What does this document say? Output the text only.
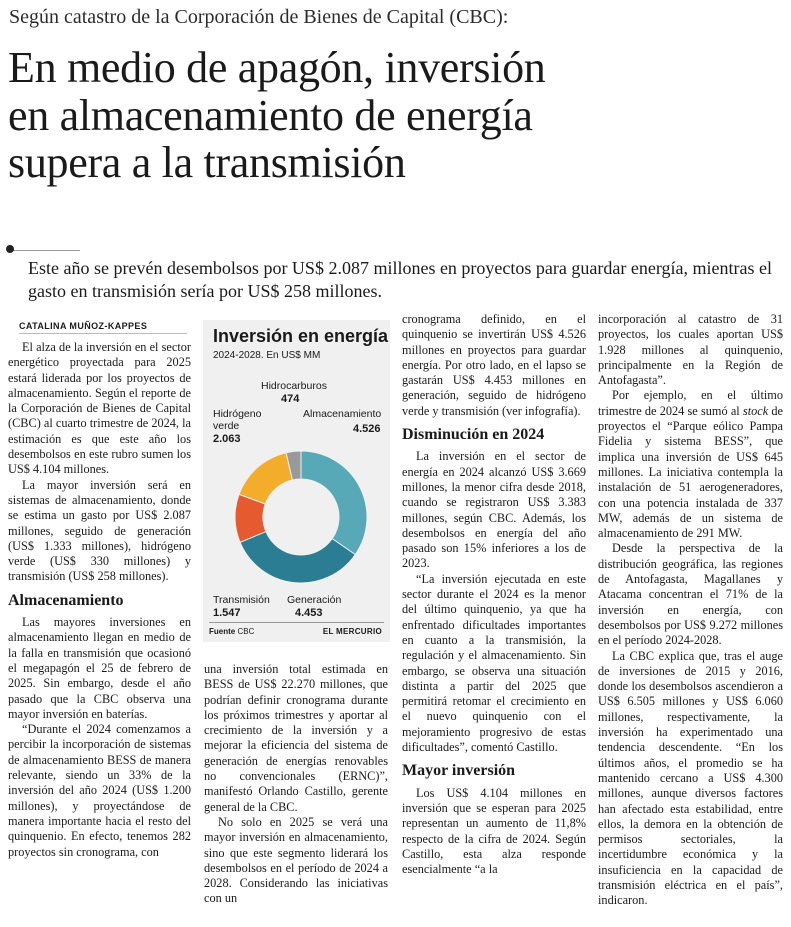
Según catastro de la Corporación de Bienes de Capital (CBC):
En medio de apagón, inversión
en almacenamiento de energía
supera a la transmisión
Este año se prevén desembolsos por US$ 2.087 millones en proyectos para guardar energía, mientras el gasto en transmisión sería por US$ 258 millones.
CATALINA MUÑOZ-KAPPES

El alza de la inversión en el sector energético proyectada para 2025 estará liderada por los proyectos de almacenamiento. Según el reporte de la Corporación de Bienes de Capital (CBC) al cuarto trimestre de 2024, la estimación es que este año los desembolsos en este rubro sumen los US$ 4.104 millones.

La mayor inversión será en sistemas de almacenamiento, donde se estima un gasto por US$ 2.087 millones, seguido de generación (US$ 1.333 millones), hidrógeno verde (US$ 330 millones) y transmisión (US$ 258 millones).

Almacenamiento

Las mayores inversiones en almacenamiento llegan en medio de la falla en transmisión que ocasionó el megapagón el 25 de febrero de 2025. Sin embargo, desde el año pasado que la CBC observa una mayor inversión en baterías.

“Durante el 2024 comenzamos a percibir la incorporación de sistemas de almacenamiento BESS de manera relevante, siendo un 33% de la inversión del año 2024 (US$ 1.200 millones), y proyectándose de manera importante hacia el resto del quinquenio. En efecto, tenemos 282 proyectos sin cronograma, con

Inversión en energía
2024-2028. En US$ MM
Hidrocarburos
474
Hidrógeno
verde
2.063
Almacenamiento
4.526
Transmisión
1.547
Generación
4.453
Fuente CBC	EL MERCURIO

una inversión total estimada en BESS de US$ 22.270 millones, que podrían definir cronograma durante los próximos trimestres y aportar al crecimiento de la inversión y a mejorar la eficiencia del sistema de generación de energías renovables no convencionales (ERNC)”, manifestó Orlando Castillo, gerente general de la CBC.

No solo en 2025 se verá una mayor inversión en almacenamiento, sino que este segmento liderará los desembolsos en el período de 2024 a 2028. Considerando las iniciativas con un

cronograma definido, en el quinquenio se invertirán US$ 4.526 millones en proyectos para guardar energía. Por otro lado, en el lapso se gastarán US$ 4.453 millones en generación, seguido de hidrógeno verde y transmisión (ver infografía).

Disminución en 2024

La inversión en el sector de energía en 2024 alcanzó US$ 3.669 millones, la menor cifra desde 2018, cuando se registraron US$ 3.383 millones, según CBC. Además, los desembolsos en energía del año pasado son 15% inferiores a los de 2023.

“La inversión ejecutada en este sector durante el 2024 es la menor del último quinquenio, ya que ha enfrentado dificultades importantes en cuanto a la transmisión, la regulación y el almacenamiento. Sin embargo, se observa una situación distinta a partir del 2025 que permitirá retomar el crecimiento en el nuevo quinquenio con el mejoramiento progresivo de estas dificultades”, comentó Castillo.

Mayor inversión

Los US$ 4.104 millones en inversión que se esperan para 2025 representan un aumento de 11,8% respecto de la cifra de 2024. Según Castillo, esta alza responde esencialmente “a la

incorporación al catastro de 31 proyectos, los cuales aportan US$ 1.928 millones al quinquenio, principalmente en la Región de Antofagasta”.

Por ejemplo, en el último trimestre de 2024 se sumó al stock de proyectos el “Parque eólico Pampa Fidelia y sistema BESS”, que implica una inversión de US$ 645 millones. La iniciativa contempla la instalación de 51 aerogeneradores, con una potencia instalada de 337 MW, además de un sistema de almacenamiento de 291 MW.

Desde la perspectiva de la distribución geográfica, las regiones de Antofagasta, Magallanes y Atacama concentran el 71% de la inversión en energía, con desembolsos por US$ 9.272 millones en el período 2024-2028.

La CBC explica que, tras el auge de inversiones de 2015 y 2016, donde los desembolsos ascendieron a US$ 6.505 millones y US$ 6.060 millones, respectivamente, la inversión ha experimentado una tendencia descendente. “En los últimos años, el promedio se ha mantenido cercano a US$ 4.300 millones, aunque diversos factores han afectado esta estabilidad, entre ellos, la demora en la obtención de permisos sectoriales, la incertidumbre económica y la insuficiencia en la capacidad de transmisión eléctrica en el país”, indicaron.
